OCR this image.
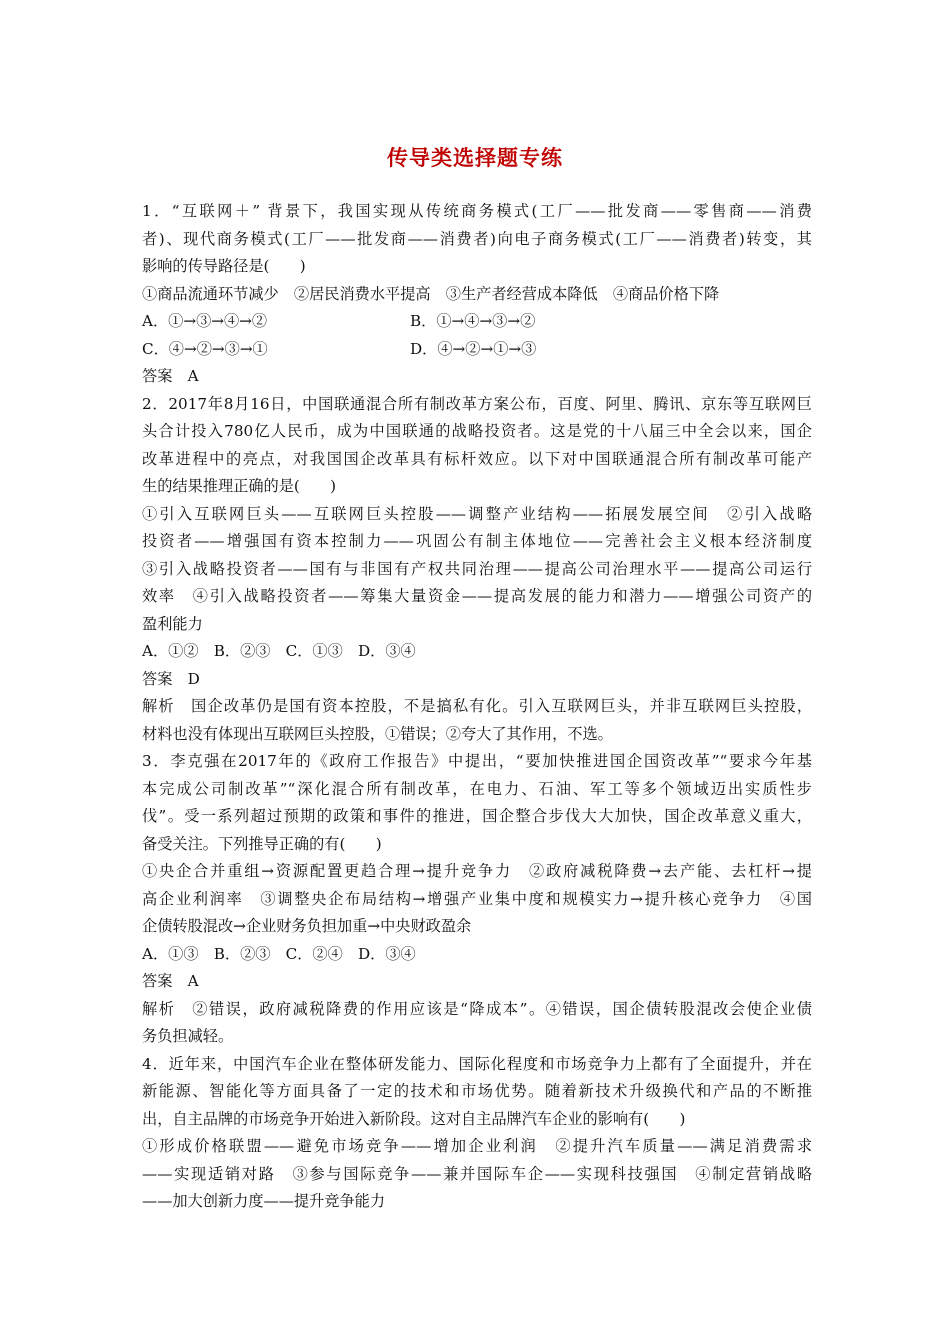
传导类选择题专练
1．“互联网＋” 背景下，我国实现从传统商务模式(工厂——批发商——零售商——消费
者)、现代商务模式(工厂——批发商——消费者)向电子商务模式(工厂——消费者)转变，其
影响的传导路径是(　　)
①商品流通环节减少　②居民消费水平提高　③生产者经营成本降低　④商品价格下降
A．①→③→④→②	B．①→④→③→②
C．④→②→③→①	D．④→②→①→③
答案　A
2．2017年8月16日，中国联通混合所有制改革方案公布，百度、阿里、腾讯、京东等互联网巨
头合计投入780亿人民币，成为中国联通的战略投资者。这是党的十八届三中全会以来，国企
改革进程中的亮点，对我国国企改革具有标杆效应。以下对中国联通混合所有制改革可能产
生的结果推理正确的是(　　)
①引入互联网巨头——互联网巨头控股——调整产业结构——拓展发展空间　②引入战略
投资者——增强国有资本控制力——巩固公有制主体地位——完善社会主义根本经济制度
③引入战略投资者——国有与非国有产权共同治理——提高公司治理水平——提高公司运行
效率　④引入战略投资者——筹集大量资金——提高发展的能力和潜力——增强公司资产的
盈利能力
A．①②　B．②③　C．①③　D．③④
答案　D
解析　国企改革仍是国有资本控股，不是搞私有化。引入互联网巨头，并非互联网巨头控股，
材料也没有体现出互联网巨头控股，①错误；②夸大了其作用，不选。
3．李克强在2017年的《政府工作报告》中提出，“要加快推进国企国资改革”“要求今年基
本完成公司制改革”“深化混合所有制改革，在电力、石油、军工等多个领域迈出实质性步
伐”。受一系列超过预期的政策和事件的推进，国企整合步伐大大加快，国企改革意义重大，
备受关注。下列推导正确的有(　　)
①央企合并重组→资源配置更趋合理→提升竞争力　②政府减税降费→去产能、去杠杆→提
高企业利润率　③调整央企布局结构→增强产业集中度和规模实力→提升核心竞争力　④国
企债转股混改→企业财务负担加重→中央财政盈余
A．①③　B．②③　C．②④　D．③④
答案　A
解析　②错误，政府减税降费的作用应该是“降成本”。④错误，国企债转股混改会使企业债
务负担减轻。
4．近年来，中国汽车企业在整体研发能力、国际化程度和市场竞争力上都有了全面提升，并在
新能源、智能化等方面具备了一定的技术和市场优势。随着新技术升级换代和产品的不断推
出，自主品牌的市场竞争开始进入新阶段。这对自主品牌汽车企业的影响有(　　)
①形成价格联盟——避免市场竞争——增加企业利润　②提升汽车质量——满足消费需求
——实现适销对路　③参与国际竞争——兼并国际车企——实现科技强国　④制定营销战略
——加大创新力度——提升竞争能力
